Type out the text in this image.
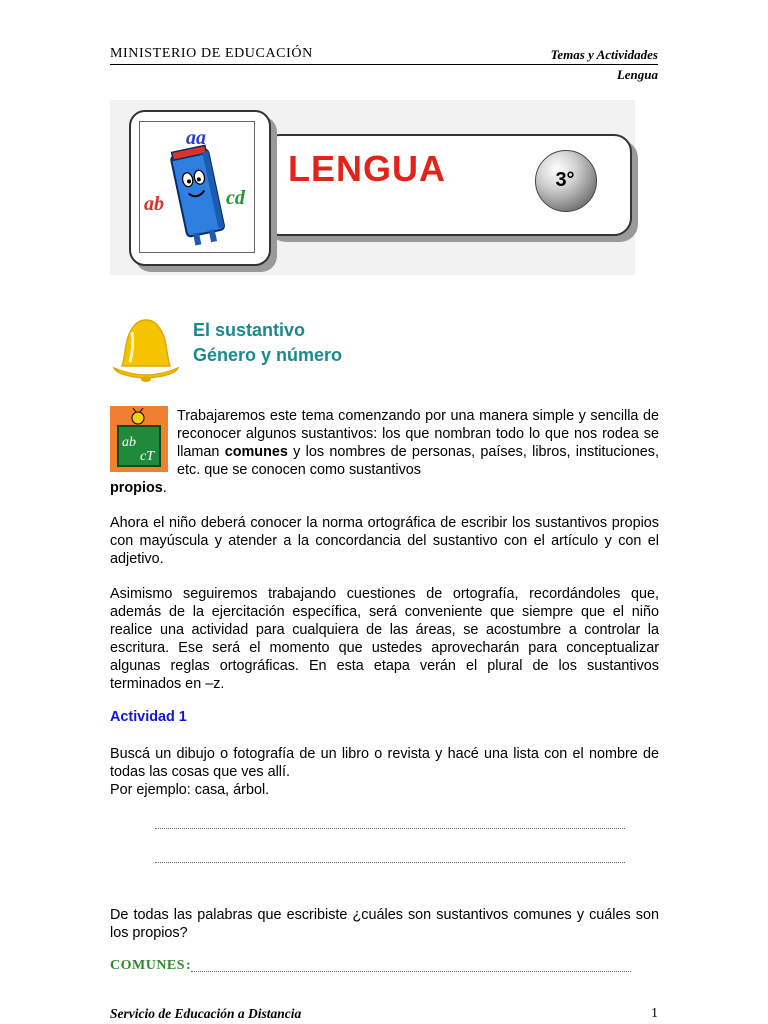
MINISTERIO DE EDUCACIÓN	Temas y Actividades
Lengua
aa
ab	cd
LENGUA	3°
El sustantivo
Género y número
ab
cT
Trabajaremos este tema comenzando por una manera simple y sencilla de reconocer algunos sustantivos: los que nombran todo lo que nos rodea se llaman comunes y los nombres de personas, países, libros, instituciones, etc. que se conocen como sustantivos
propios.
Ahora el niño deberá conocer la norma ortográfica de escribir los sustantivos propios con mayúscula y atender a la concordancia del sustantivo con el artículo y con el adjetivo.
Asimismo seguiremos trabajando cuestiones de ortografía, recordándoles que, además de la ejercitación específica, será conveniente que siempre que el niño realice una actividad para cualquiera de las áreas, se acostumbre a controlar la escritura. Ese será el momento que ustedes aprovecharán para conceptualizar algunas reglas ortográficas. En esta etapa verán el plural de los sustantivos terminados en –z.
Actividad 1
Buscá un dibujo o fotografía de un libro o revista y hacé una lista con el nombre de todas las cosas que ves allí.
Por ejemplo: casa, árbol.
De todas las palabras que escribiste ¿cuáles son sustantivos comunes y cuáles son los propios?
COMUNES :
Servicio de Educación a Distancia	1
